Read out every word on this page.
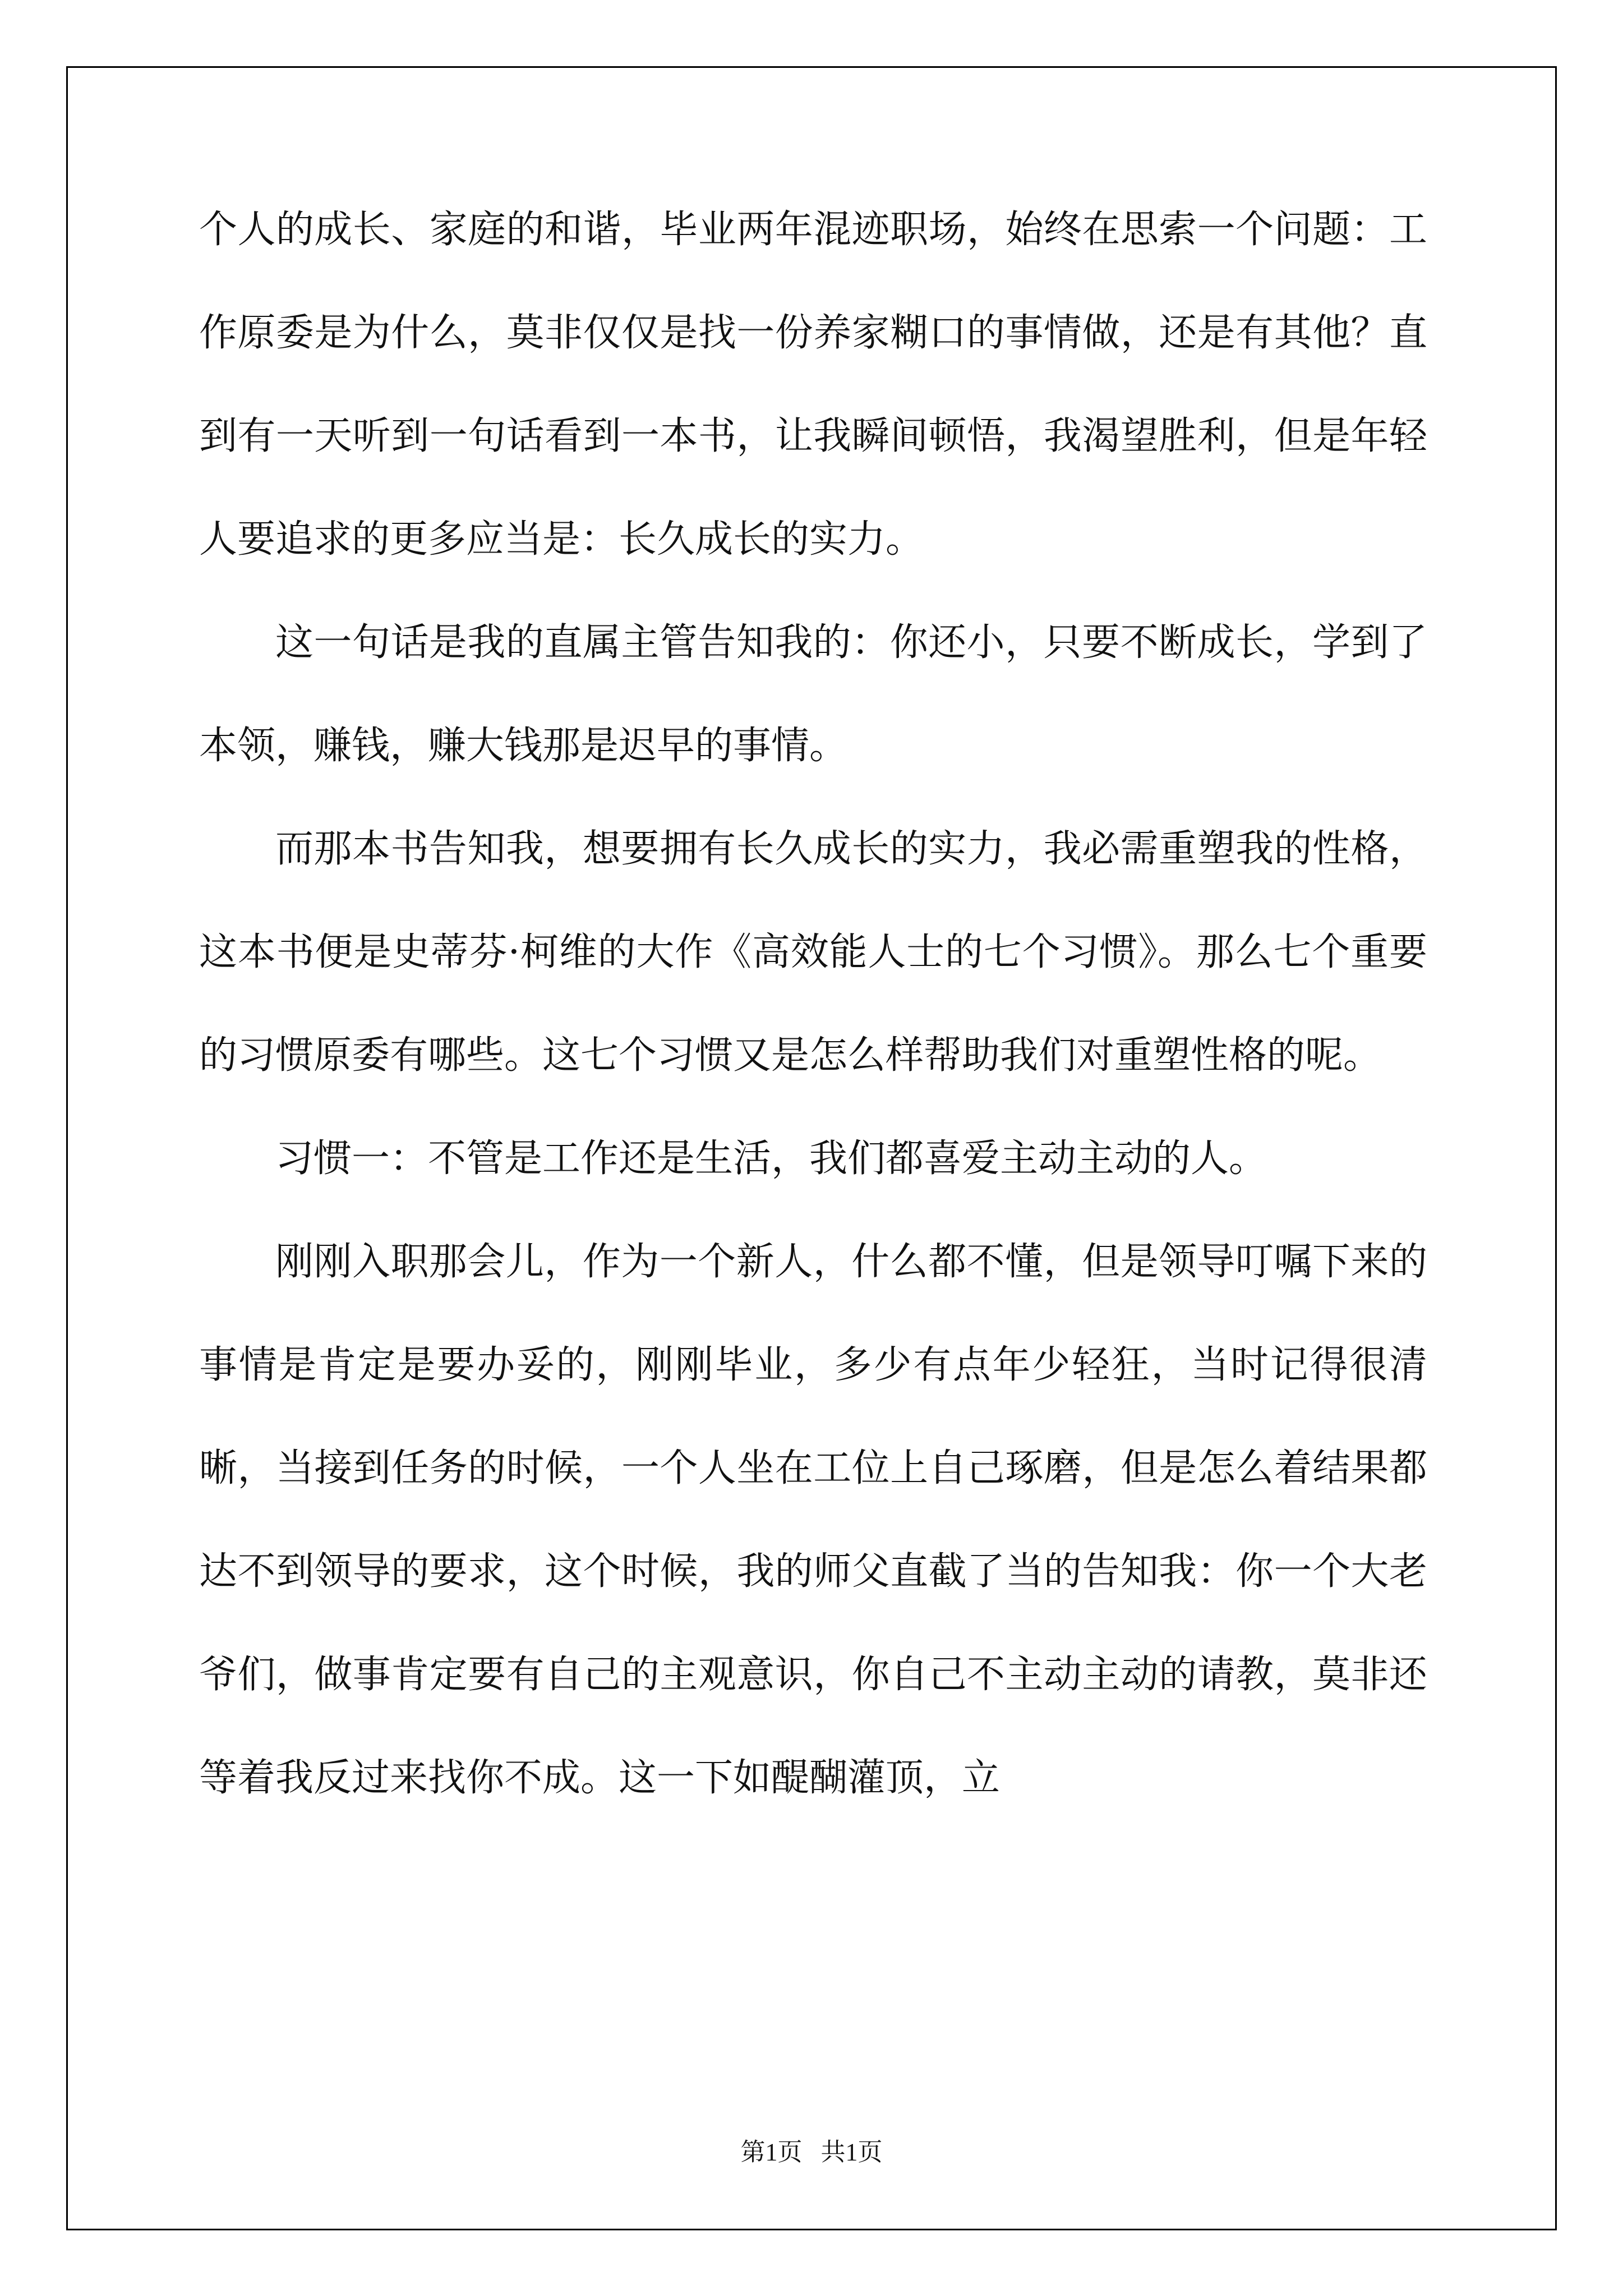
个人的成长、家庭的和谐，毕业两年混迹职场，始终在思索一个问题：工作原委是为什么，莫非仅仅是找一份养家糊口的事情做，还是有其他？直到有一天听到一句话看到一本书，让我瞬间顿悟，我渴望胜利，但是年轻人要追求的更多应当是：长久成长的实力。

这一句话是我的直属主管告知我的：你还小，只要不断成长，学到了本领，赚钱，赚大钱那是迟早的事情。

而那本书告知我，想要拥有长久成长的实力，我必需重塑我的性格，这本书便是史蒂芬·柯维的大作《高效能人士的七个习惯》。那么七个重要的习惯原委有哪些。这七个习惯又是怎么样帮助我们对重塑性格的呢。

习惯一：不管是工作还是生活，我们都喜爱主动主动的人。

刚刚入职那会儿，作为一个新人，什么都不懂，但是领导叮嘱下来的事情是肯定是要办妥的，刚刚毕业，多少有点年少轻狂，当时记得很清晰，当接到任务的时候，一个人坐在工位上自己琢磨，但是怎么着结果都达不到领导的要求，这个时候，我的师父直截了当的告知我：你一个大老爷们，做事肯定要有自己的主观意识，你自己不主动主动的请教，莫非还等着我反过来找你不成。这一下如醍醐灌顶，立

第1页   共1页
